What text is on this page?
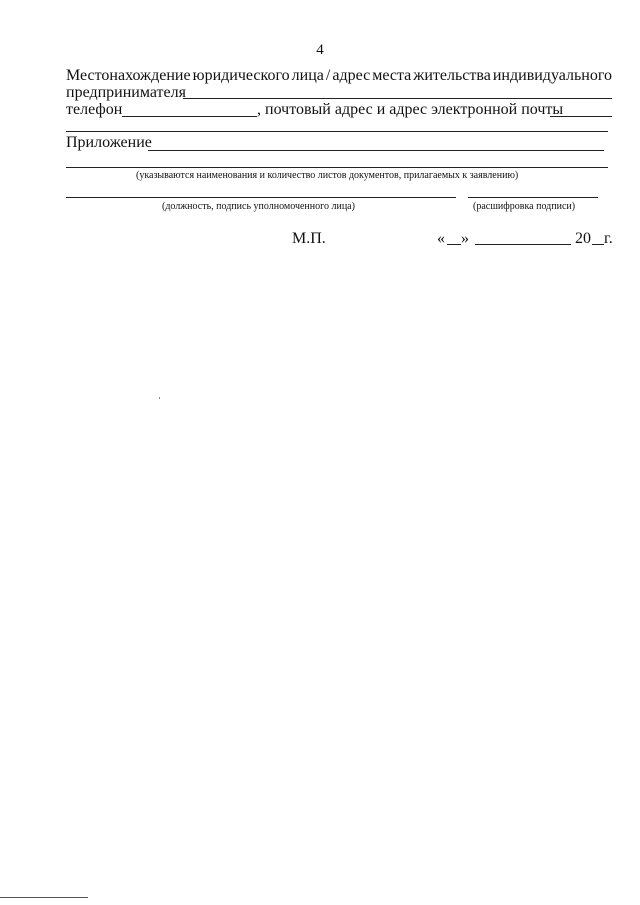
4
Местонахождение юридического лица / адрес места жительства индивидуального
предпринимателя
телефон	, почтовый адрес и адрес электронной почты
Приложение
(указываются наименования и количество листов документов, прилагаемых к заявлению)
(должность, подпись уполномоченного лица)	(расшифровка подписи)
М.П.	« »	20 г.
